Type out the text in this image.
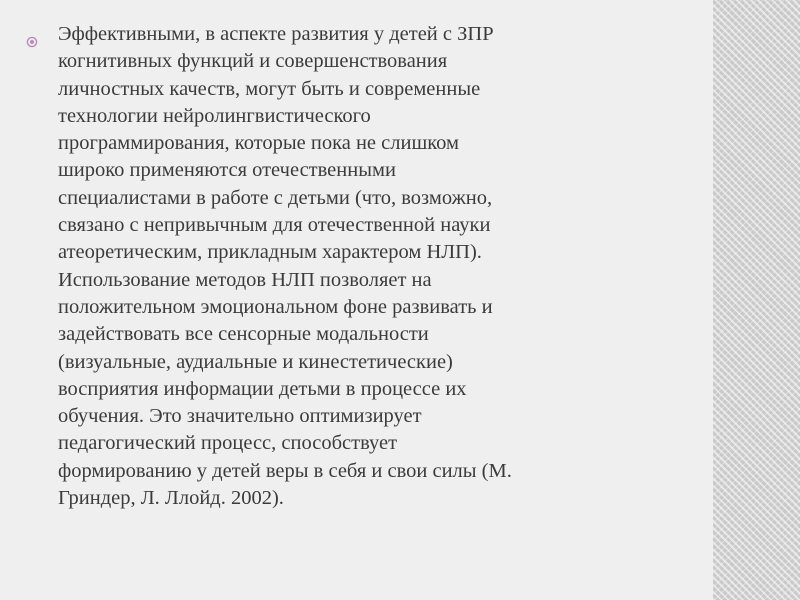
Эффективными, в аспекте развития у детей с ЗПР
когнитивных функций и совершенствования
личностных качеств, могут быть и современные
технологии нейролингвистического
программирования, которые пока не слишком
широко применяются отечественными
специалистами в работе с детьми (что, возможно,
связано с непривычным для отечественной науки
атеоретическим, прикладным характером НЛП).
Использование методов НЛП позволяет на
положительном эмоциональном фоне развивать и
задействовать все сенсорные модальности
(визуальные, аудиальные и кинестетические)
восприятия информации детьми в процессе их
обучения. Это значительно оптимизирует
педагогический процесс, способствует
формированию у детей веры в себя и свои силы (М.
Гриндер, Л. Ллойд. 2002).
